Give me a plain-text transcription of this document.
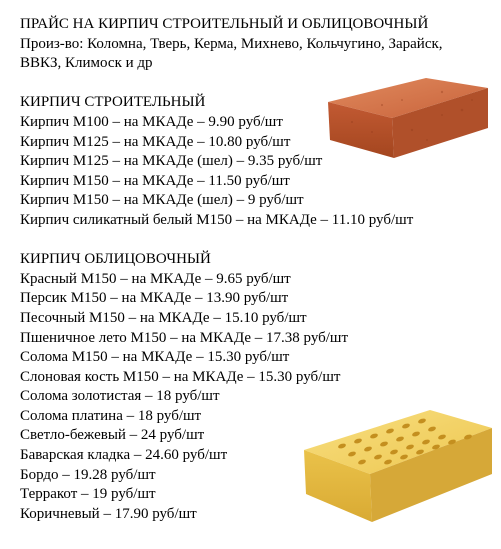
ПРАЙС НА КИРПИЧ СТРОИТЕЛЬНЫЙ И ОБЛИЦОВОЧНЫЙ
Произ-во: Коломна, Тверь, Керма, Михнево, Кольчугино, Зарайск,
ВВКЗ, Климоск и др
КИРПИЧ СТРОИТЕЛЬНЫЙ
Кирпич М100 – на МКАДе – 9.90 руб/шт
Кирпич М125 – на МКАДе – 10.80 руб/шт
Кирпич М125 – на МКАДе (шел) – 9.35 руб/шт
Кирпич М150 – на МКАДе – 11.50 руб/шт
Кирпич М150 – на МКАДе (шел) – 9 руб/шт
Кирпич силикатный белый М150 – на МКАДе – 11.10 руб/шт
КИРПИЧ ОБЛИЦОВОЧНЫЙ
Красный М150 – на МКАДе – 9.65 руб/шт
Персик М150 – на МКАДе – 13.90 руб/шт
Песочный М150 – на МКАДе – 15.10 руб/шт
Пшеничное лето М150 – на МКАДе – 17.38 руб/шт
Солома М150 – на МКАДе – 15.30 руб/шт
Слоновая кость М150 – на МКАДе – 15.30 руб/шт
Солома золотистая – 18 руб/шт
Солома платина – 18 руб/шт
Светло-бежевый – 24 руб/шт
Баварская кладка – 24.60 руб/шт
Бордо – 19.28 руб/шт
Терракот – 19 руб/шт
Коричневый – 17.90 руб/шт
